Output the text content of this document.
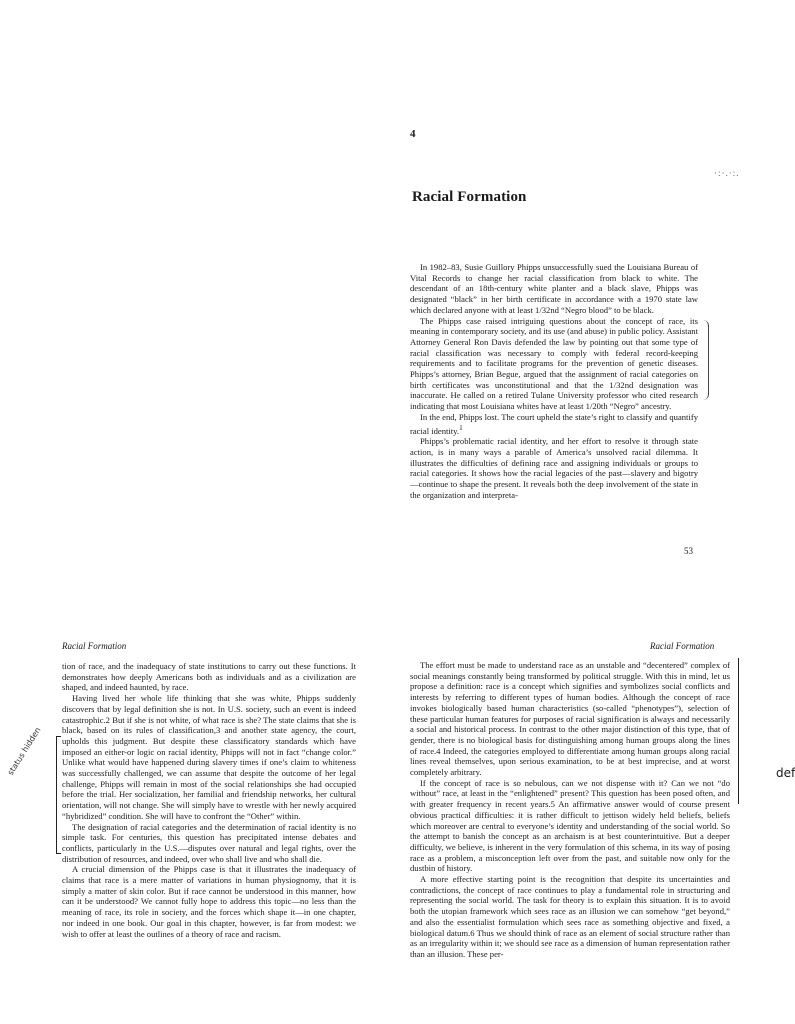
·:·.·:.
4
Racial Formation

In 1982–83, Susie Guillory Phipps unsuccessfully sued the Louisiana Bureau of Vital Records to change her racial classification from black to white. The descendant of an 18th-century white planter and a black slave, Phipps was designated “black” in her birth certificate in accordance with a 1970 state law which declared anyone with at least 1/32nd “Negro blood” to be black.

The Phipps case raised intriguing questions about the concept of race, its meaning in contemporary society, and its use (and abuse) in public policy. Assistant Attorney General Ron Davis defended the law by pointing out that some type of racial classification was necessary to comply with federal record-keeping requirements and to facilitate programs for the prevention of genetic diseases. Phipps’s attorney, Brian Begue, argued that the assignment of racial categories on birth certificates was unconstitutional and that the 1/32nd designation was inaccurate. He called on a retired Tulane University professor who cited research indicating that most Louisiana whites have at least 1/20th “Negro” ancestry.

In the end, Phipps lost. The court upheld the state’s right to classify and quantify racial identity.$^1$

Phipps’s problematic racial identity, and her effort to resolve it through state action, is in many ways a parable of America’s unsolved racial dilemma. It illustrates the difficulties of defining race and assigning individuals or groups to racial categories. It shows how the racial legacies of the past—slavery and bigotry—continue to shape the present. It reveals both the deep involvement of the state in the organization and interpreta-

53
Racial Formation	Racial Formation
status hidden

tion of race, and the inadequacy of state institutions to carry out these functions. It demonstrates how deeply Americans both as individuals and as a civilization are shaped, and indeed haunted, by race.

Having lived her whole life thinking that she was white, Phipps suddenly discovers that by legal definition she is not. In U.S. society, such an event is indeed catastrophic.2 But if she is not white, of what race is she? The state claims that she is black, based on its rules of classification,3 and another state agency, the court, upholds this judgment. But despite these classificatory standards which have imposed an either-or logic on racial identity, Phipps will not in fact “change color.” Unlike what would have happened during slavery times if one’s claim to whiteness was successfully challenged, we can assume that despite the outcome of her legal challenge, Phipps will remain in most of the social relationships she had occupied before the trial. Her socialization, her familial and friendship networks, her cultural orientation, will not change. She will simply have to wrestle with her newly acquired “hybridized” condition. She will have to confront the “Other” within.

The designation of racial categories and the determination of racial identity is no simple task. For centuries, this question has precipitated intense debates and conflicts, particularly in the U.S.—disputes over natural and legal rights, over the distribution of resources, and indeed, over who shall live and who shall die.

A crucial dimension of the Phipps case is that it illustrates the inadequacy of claims that race is a mere matter of variations in human physiognomy, that it is simply a matter of skin color. But if race cannot be understood in this manner, how can it be understood? We cannot fully hope to address this topic—no less than the meaning of race, its role in society, and the forces which shape it—in one chapter, nor indeed in one book. Our goal in this chapter, however, is far from modest: we wish to offer at least the outlines of a theory of race and racism.

def

The effort must be made to understand race as an unstable and “decentered” complex of social meanings constantly being transformed by political struggle. With this in mind, let us propose a definition: race is a concept which signifies and symbolizes social conflicts and interests by referring to different types of human bodies. Although the concept of race invokes biologically based human characteristics (so-called “phenotypes”), selection of these particular human features for purposes of racial signification is always and necessarily a social and historical process. In contrast to the other major distinction of this type, that of gender, there is no biological basis for distinguishing among human groups along the lines of race.4 Indeed, the categories employed to differentiate among human groups along racial lines reveal themselves, upon serious examination, to be at best imprecise, and at worst completely arbitrary.

If the concept of race is so nebulous, can we not dispense with it? Can we not “do without” race, at least in the “enlightened” present? This question has been posed often, and with greater frequency in recent years.5 An affirmative answer would of course present obvious practical difficulties: it is rather difficult to jettison widely held beliefs, beliefs which moreover are central to everyone’s identity and understanding of the social world. So the attempt to banish the concept as an archaism is at best counterintuitive. But a deeper difficulty, we believe, is inherent in the very formulation of this schema, in its way of posing race as a problem, a misconception left over from the past, and suitable now only for the dustbin of history.

A more effective starting point is the recognition that despite its uncertainties and contradictions, the concept of race continues to play a fundamental role in structuring and representing the social world. The task for theory is to explain this situation. It is to avoid both the utopian framework which sees race as an illusion we can somehow “get beyond,” and also the essentialist formulation which sees race as something objective and fixed, a biological datum.6 Thus we should think of race as an element of social structure rather than as an irregularity within it; we should see race as a dimension of human representation rather than an illusion. These per-
